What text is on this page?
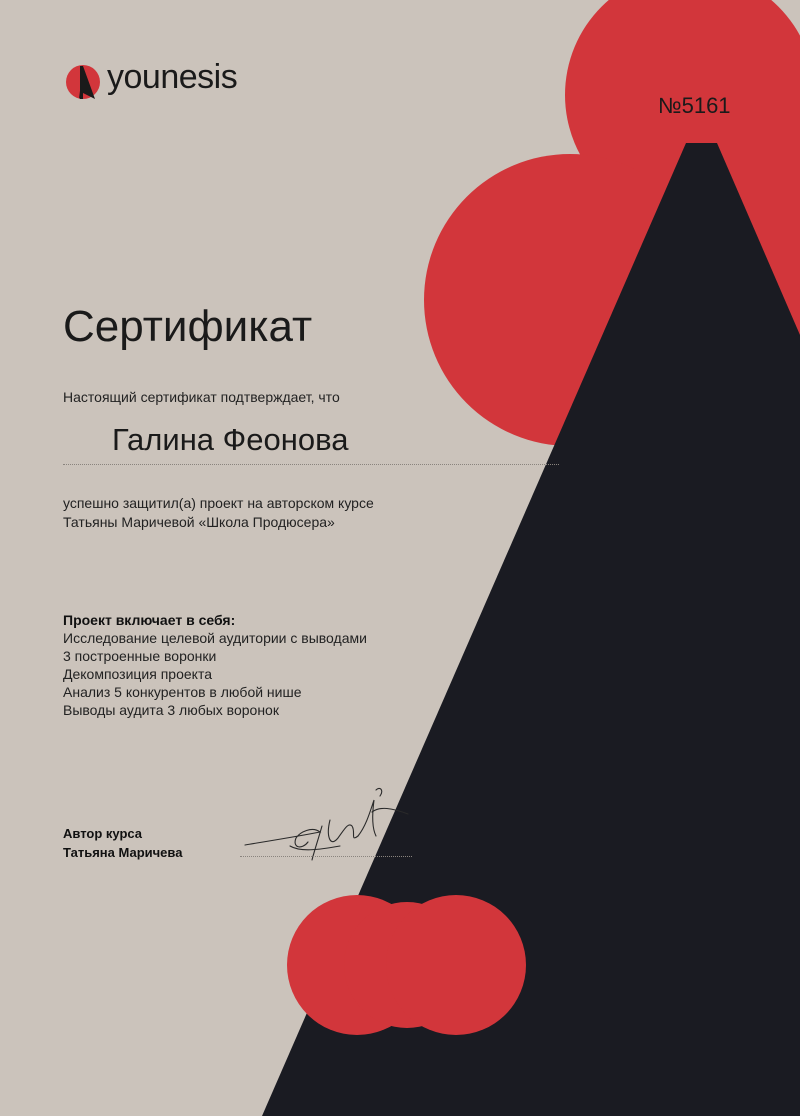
younesis
№5161
Сертификат
Настоящий сертификат подтверждает, что
Галина Феонова
успешно защитил(а) проект на авторском курсе
Татьяны Маричевой «Школа Продюсера»
Проект включает в себя:
Исследование целевой аудитории с выводами
3 построенные воронки
Декомпозиция проекта
Анализ 5 конкурентов в любой нише
Выводы аудита 3 любых воронок
Автор курса
Татьяна Маричева
